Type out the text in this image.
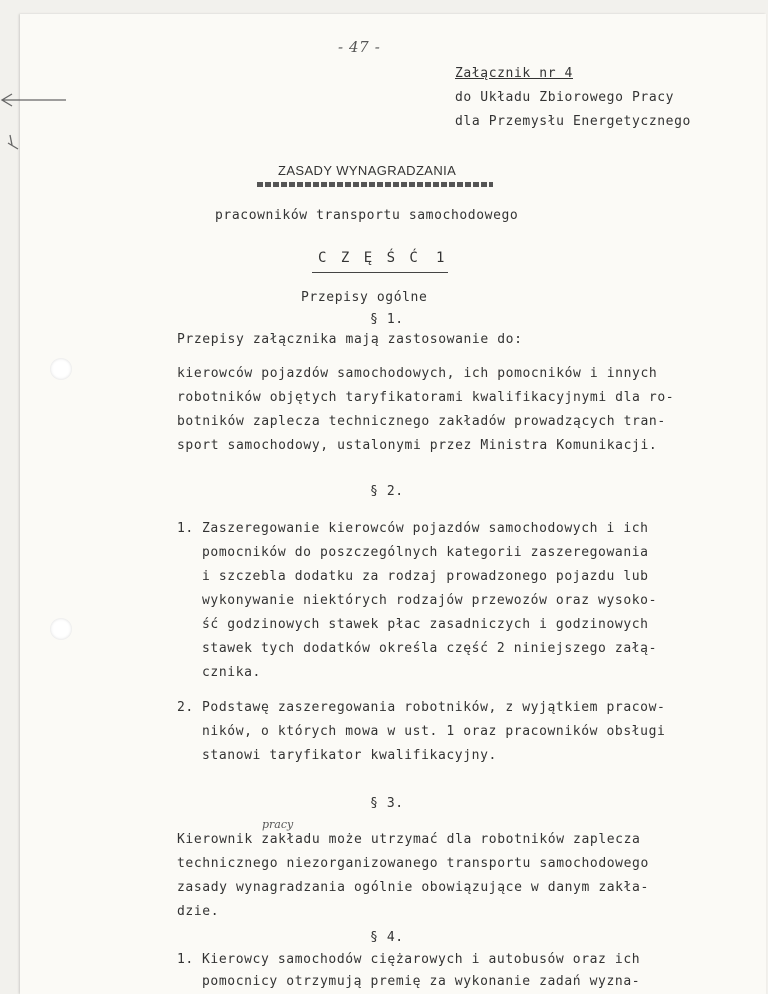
- 47 -
Załącznik nr 4
do Układu Zbiorowego Pracy
dla Przemysłu Energetycznego
ZASADY WYNAGRADZANIA
pracowników transportu samochodowego
C Z Ę Ś Ć 1
Przepisy ogólne
§ 1.
Przepisy załącznika mają zastosowanie do:
kierowców pojazdów samochodowych, ich pomocników i innych
robotników objętych taryfikatorami kwalifikacyjnymi dla ro-
botników zaplecza technicznego zakładów prowadzących tran-
sport samochodowy, ustalonymi przez Ministra Komunikacji.
§ 2.
1. Zaszeregowanie kierowców pojazdów samochodowych i ich
pomocników do poszczególnych kategorii zaszeregowania
i szczebla dodatku za rodzaj prowadzonego pojazdu lub
wykonywanie niektórych rodzajów przewozów oraz wysoko-
ść godzinowych stawek płac zasadniczych i godzinowych
stawek tych dodatków określa część 2 niniejszego załą-
cznika.
2. Podstawę zaszeregowania robotników, z wyjątkiem pracow-
ników, o których mowa w ust. 1 oraz pracowników obsługi
stanowi taryfikator kwalifikacyjny.
§ 3.
pracy
Kierownik zakładu może utrzymać dla robotników zaplecza
technicznego niezorganizowanego transportu samochodowego
zasady wynagradzania ogólnie obowiązujące w danym zakła-
dzie.
§ 4.
1. Kierowcy samochodów ciężarowych i autobusów oraz ich
pomocnicy otrzymują premię za wykonanie zadań wyzna-
